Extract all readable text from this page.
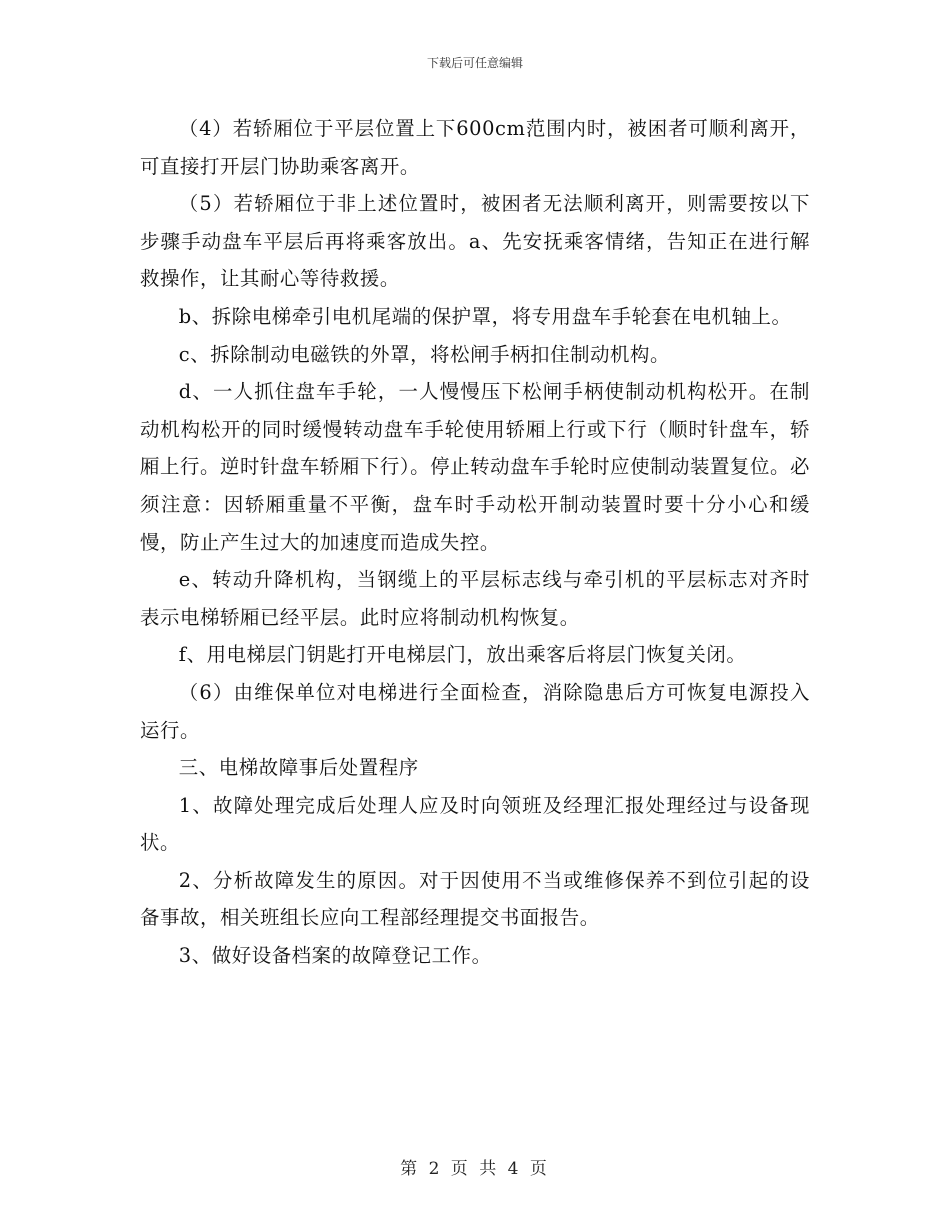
下载后可任意编辑

（4）若轿厢位于平层位置上下600cm范围内时，被困者可顺利离开，可直接打开层门协助乘客离开。

（5）若轿厢位于非上述位置时，被困者无法顺利离开，则需要按以下步骤手动盘车平层后再将乘客放出。a、先安抚乘客情绪，告知正在进行解救操作，让其耐心等待救援。

b、拆除电梯牵引电机尾端的保护罩，将专用盘车手轮套在电机轴上。

c、拆除制动电磁铁的外罩，将松闸手柄扣住制动机构。

d、一人抓住盘车手轮，一人慢慢压下松闸手柄使制动机构松开。在制动机构松开的同时缓慢转动盘车手轮使用轿厢上行或下行（顺时针盘车，轿厢上行。逆时针盘车轿厢下行）。停止转动盘车手轮时应使制动装置复位。必须注意：因轿厢重量不平衡，盘车时手动松开制动装置时要十分小心和缓慢，防止产生过大的加速度而造成失控。

e、转动升降机构，当钢缆上的平层标志线与牵引机的平层标志对齐时表示电梯轿厢已经平层。此时应将制动机构恢复。

f、用电梯层门钥匙打开电梯层门，放出乘客后将层门恢复关闭。

（6）由维保单位对电梯进行全面检查，消除隐患后方可恢复电源投入运行。

三、电梯故障事后处置程序

1、故障处理完成后处理人应及时向领班及经理汇报处理经过与设备现状。

2、分析故障发生的原因。对于因使用不当或维修保养不到位引起的设备事故，相关班组长应向工程部经理提交书面报告。

3、做好设备档案的故障登记工作。

第 2 页 共 4 页
